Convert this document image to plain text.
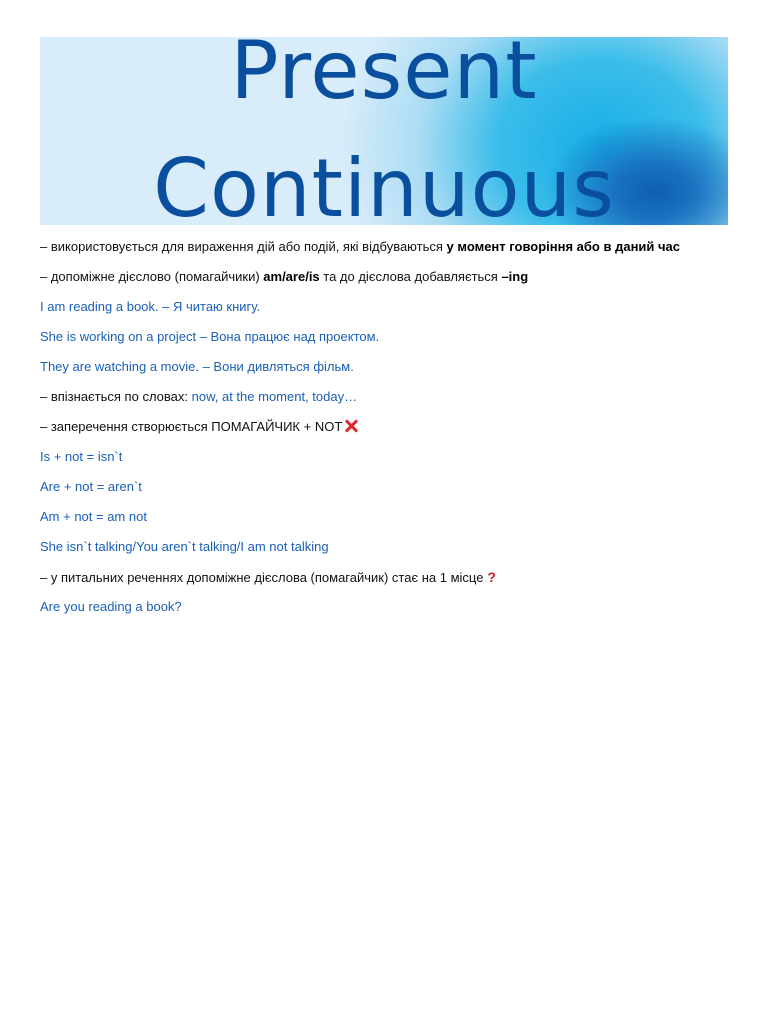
Present
Continuous
– використовується для вираження дій або подій, які відбуваються у момент говоріння або в даний час
– допоміжне дієслово (помагайчики) am/are/is та до дієслова добавляється –ing
I am reading a book. – Я читаю книгу.
She is working on a project – Вона працює над проектом.
They are watching a movie. – Вони дивляться фільм.
– впізнається по словах: now, at the moment, today…
– заперечення створюється ПОМАГАЙЧИК + NOT
Is + not = isn`t
Are + not = aren`t
Am + not = am not
She isn`t talking/You aren`t talking/I am not talking
– у питальних реченнях допоміжне дієслова (помагайчик) стає на 1 місце ?
Are you reading a book?
